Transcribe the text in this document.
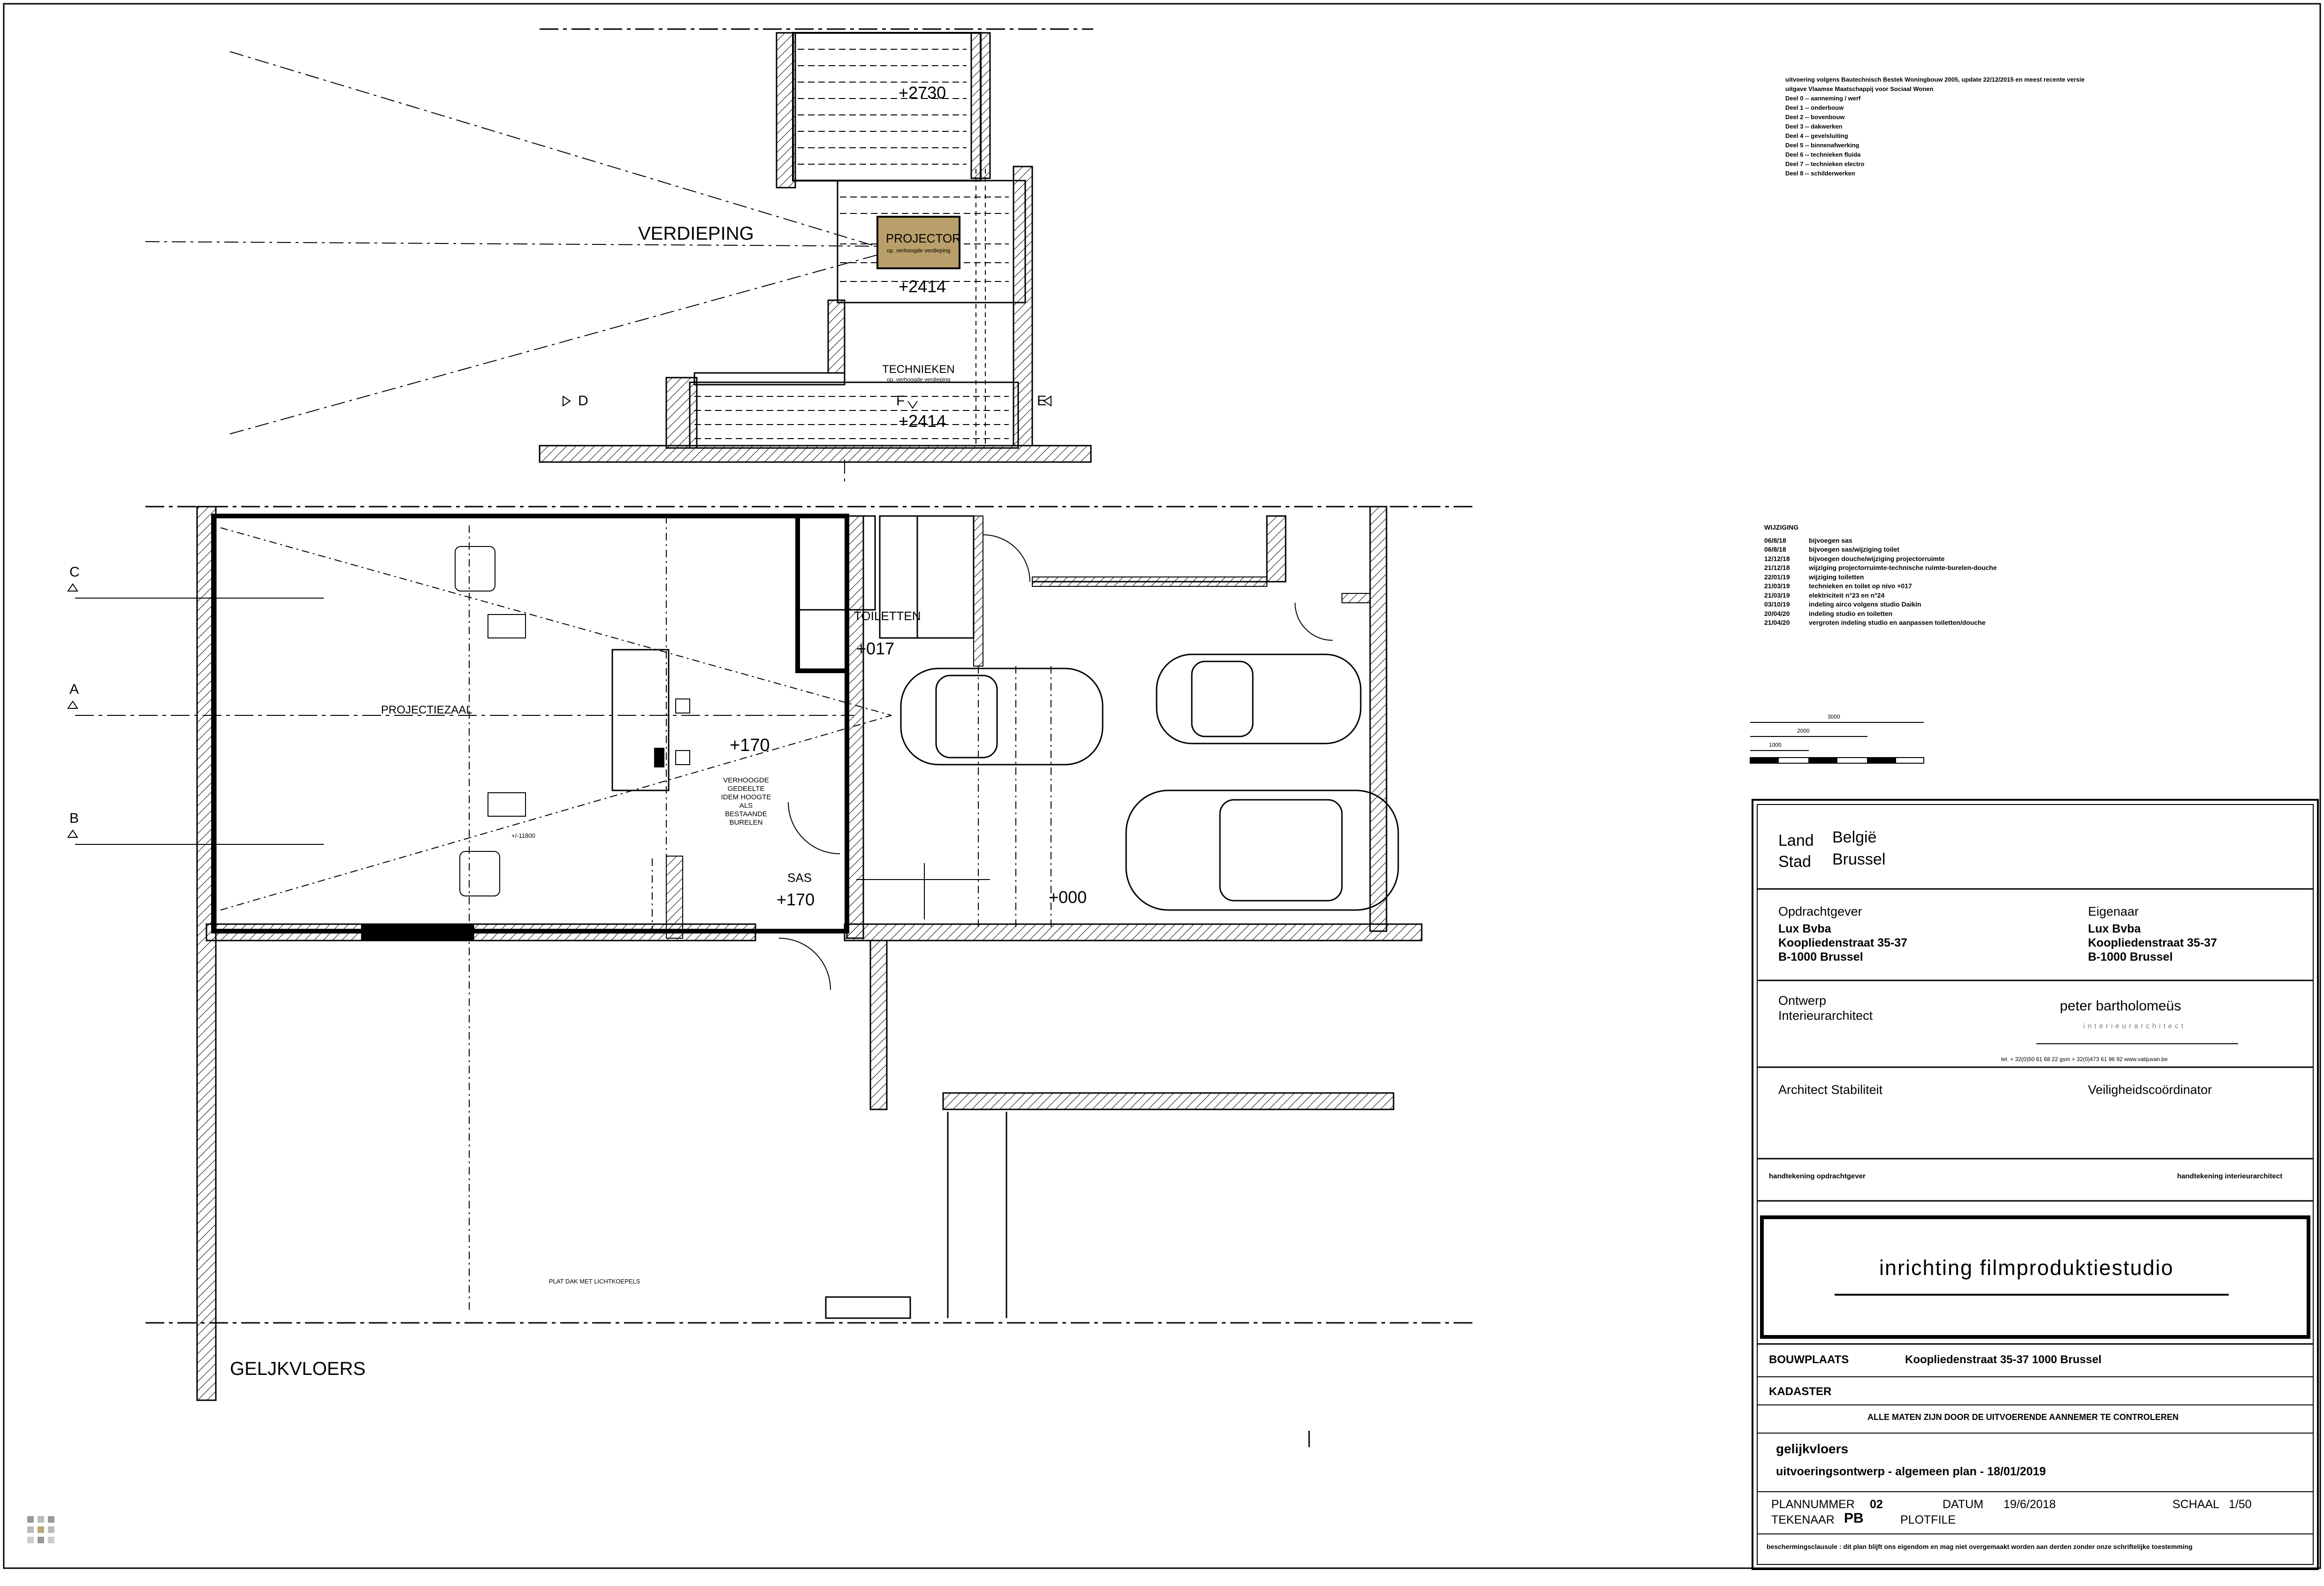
VERDIEPING
GELJKVLOERS
+2730
PROJECTOR
op. verhoogde verdieping
+2414
TECHNIEKEN
op. verhoogde verdieping
+2414
D	E
F
C
A
B
PROJECTIEZAAL
+170
TOILETTEN
+017
SAS
+170	+000
+/-11800
PLAT DAK MET LICHTKOEPELS
VERHOOGDE
GEDEELTE
IDEM HOOGTE
ALS
BESTAANDE
BURELEN
uitvoering volgens Bautechnisch Bestek Woningbouw 2005, update 22/12/2015 en meest recente versie
uitgave Vlaamse Maatschappij voor Sociaal Wonen
Deel 0 -- aanneming / werf
Deel 1 -- onderbouw
Deel 2 -- bovenbouw
Deel 3 -- dakwerken
Deel 4 -- gevelsluiting
Deel 5 -- binnenafwerking
Deel 6 -- technieken fluida
Deel 7 -- technieken electro
Deel 8 -- schilderwerken
WIJZIGING
06/8/18	bijvoegen sas
06/8/18	bijvoegen sas/wijziging toilet
12/12/18	bijvoegen douche/wijziging projectorruimte
21/12/18	wijziging projectorruimte-technische ruimte-burelen-douche
22/01/19	wijziging toiletten
21/03/19	technieken en toilet op nivo +017
21/03/19	elektriciteit n°23 en n°24
03/10/19	indeling airco volgens studio Daikin
20/04/20	indeling studio en toiletten
21/04/20	vergroten indeling studio en aanpassen toiletten/douche
3000
2000
1000
Land België
Stad Brussel
Opdrachtgever
Lux Bvba
Koopliedenstraat 35-37
B-1000 Brussel
Eigenaar
Lux Bvba
Koopliedenstraat 35-37
B-1000 Brussel
Ontwerp
Interieurarchitect
peter bartholomeüs
interieurarchitect
tel. + 32(0)50 61 68 22 gsm + 32(0)473 61 96 92 www.vatijuvan.be
Architect Stabiliteit	Veiligheidscoördinator
handtekening opdrachtgever	handtekening interieurarchitect
inrichting filmproduktiestudio
BOUWPLAATS	Koopliedenstraat 35-37 1000 Brussel
KADASTER
ALLE MATEN ZIJN DOOR DE UITVOERENDE AANNEMER TE CONTROLEREN
gelijkvloers
uitvoeringsontwerp - algemeen plan - 18/01/2019
PLANNUMMER 02	DATUM 19/6/2018	SCHAAL 1/50
TEKENAAR PB	PLOTFILE
beschermingsclausule : dit plan blijft ons eigendom en mag niet overgemaakt worden aan derden zonder onze schriftelijke toestemming
